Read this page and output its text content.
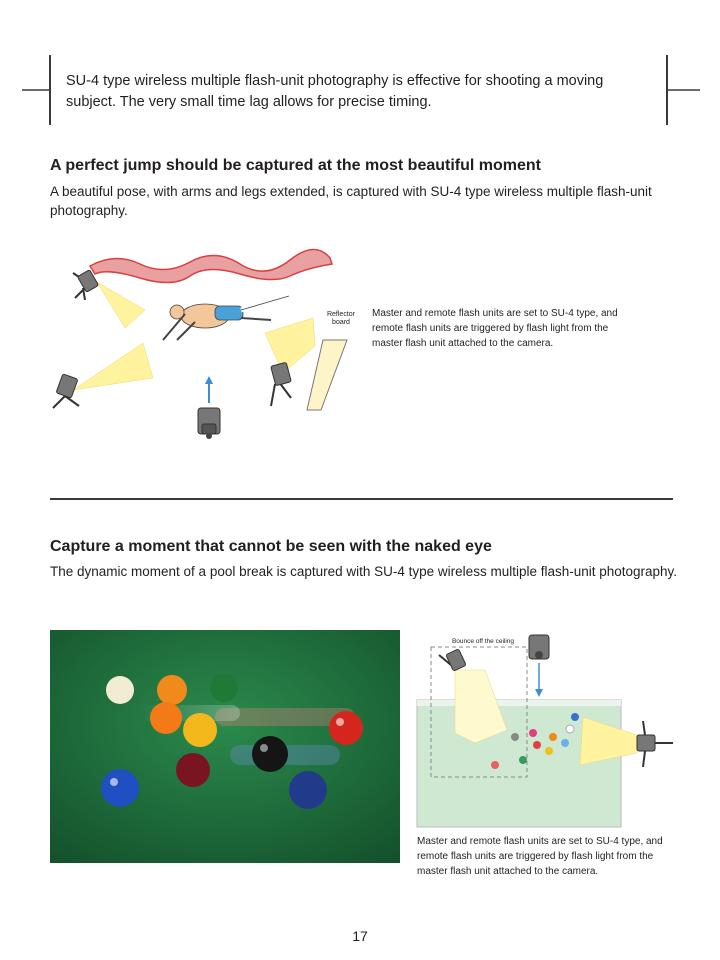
SU-4 type wireless multiple flash-unit photography is effective for shooting a moving subject. The very small time lag allows for precise timing.
A perfect jump should be captured at the most beautiful moment
A beautiful pose, with arms and legs extended, is captured with SU-4 type wireless multiple flash-unit photography.
Reflector board
Master and remote flash units are set to SU-4 type, and remote flash units are triggered by flash light from the master flash unit attached to the camera.
Capture a moment that cannot be seen with the naked eye
The dynamic moment of a pool break is captured with SU-4 type wireless multiple flash-unit photography.
Bounce off the ceiling
Master and remote flash units are set to SU-4 type, and remote flash units are triggered by flash light from the master flash unit attached to the camera.
17
